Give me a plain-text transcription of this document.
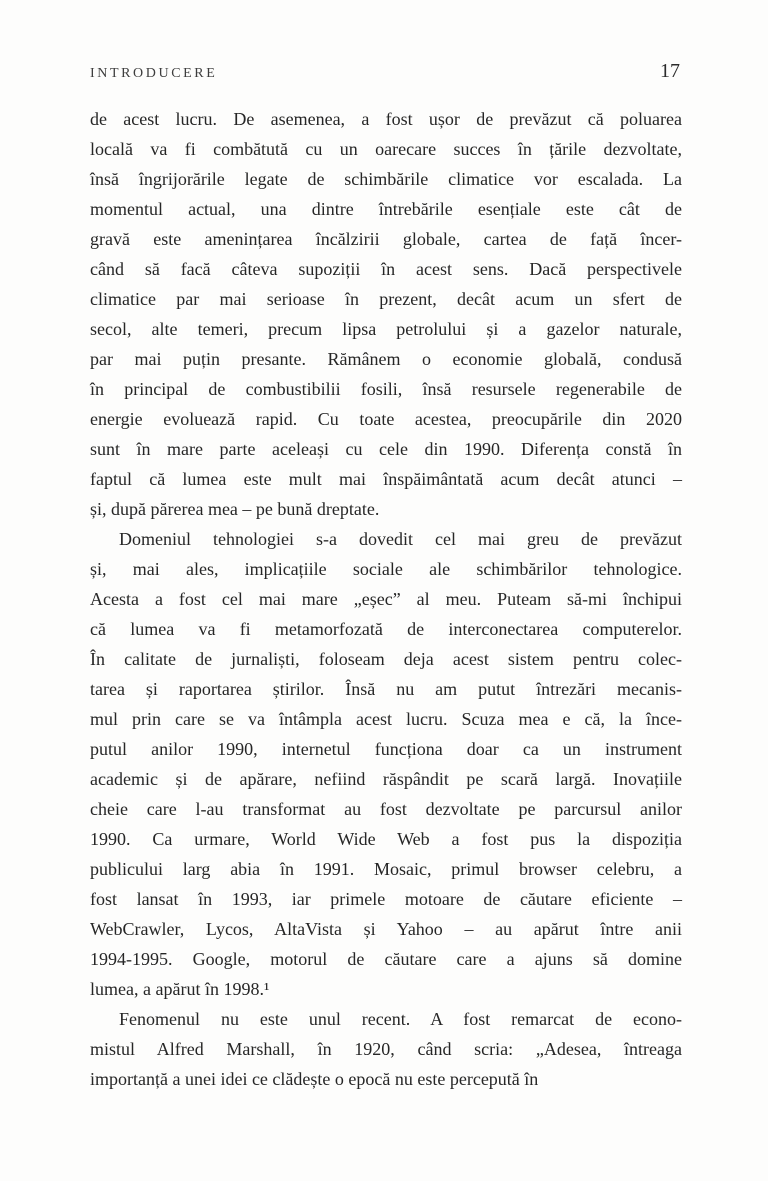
INTRODUCERE	17

de acest lucru. De asemenea, a fost ușor de prevăzut că poluarea
locală va fi combătută cu un oarecare succes în țările dezvoltate,
însă îngrijorările legate de schimbările climatice vor escalada. La
momentul actual, una dintre întrebările esențiale este cât de
gravă este amenințarea încălzirii globale, cartea de față încer-
când să facă câteva supoziții în acest sens. Dacă perspectivele
climatice par mai serioase în prezent, decât acum un sfert de
secol, alte temeri, precum lipsa petrolului și a gazelor naturale,
par mai puțin presante. Rămânem o economie globală, condusă
în principal de combustibilii fosili, însă resursele regenerabile de
energie evoluează rapid. Cu toate acestea, preocupările din 2020
sunt în mare parte aceleași cu cele din 1990. Diferența constă în
faptul că lumea este mult mai înspăimântată acum decât atunci –
și, după părerea mea – pe bună dreptate.

Domeniul tehnologiei s-a dovedit cel mai greu de prevăzut
și, mai ales, implicațiile sociale ale schimbărilor tehnologice.
Acesta a fost cel mai mare „eșec” al meu. Puteam să-mi închipui
că lumea va fi metamorfozată de interconectarea computerelor.
În calitate de jurnaliști, foloseam deja acest sistem pentru colec-
tarea și raportarea știrilor. Însă nu am putut întrezări mecanis-
mul prin care se va întâmpla acest lucru. Scuza mea e că, la înce-
putul anilor 1990, internetul funcționa doar ca un instrument
academic și de apărare, nefiind răspândit pe scară largă. Inovațiile
cheie care l-au transformat au fost dezvoltate pe parcursul anilor
1990. Ca urmare, World Wide Web a fost pus la dispoziția
publicului larg abia în 1991. Mosaic, primul browser celebru, a
fost lansat în 1993, iar primele motoare de căutare eficiente –
WebCrawler, Lycos, AltaVista și Yahoo – au apărut între anii
1994-1995. Google, motorul de căutare care a ajuns să domine
lumea, a apărut în 1998.¹

Fenomenul nu este unul recent. A fost remarcat de econo-
mistul Alfred Marshall, în 1920, când scria: „Adesea, întreaga
importanță a unei idei ce clădește o epocă nu este percepută în
